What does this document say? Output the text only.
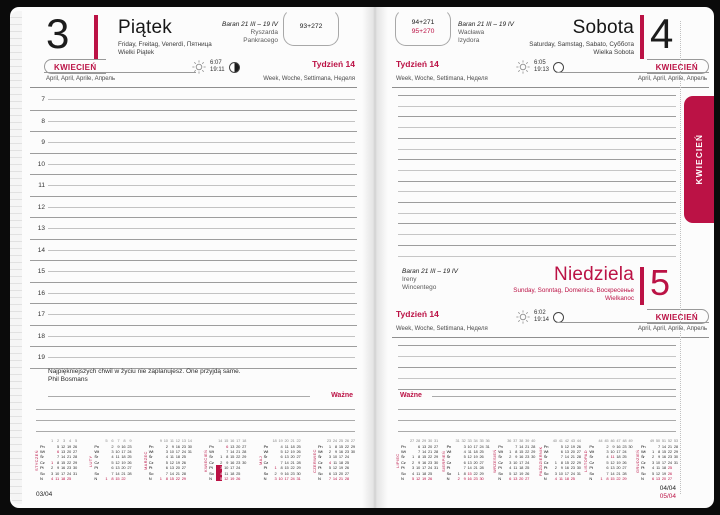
3	Piątek
Friday, Freitag, Venerdì, Пятница
Wielki Piątek
Baran 21 III – 19 IV
Ryszarda
Pankracego
93+272
KWIECIEŃ
April, April, Aprile, Апрель
6:07
19:11
Tydzień 14
Week, Woche, Settimana, Неделя
7
8
9
10
11
12
13
14
15
16
17
18
19
Najpiękniejszych chwil w życiu nie zaplanujesz. One przyjdą same.
Phil Bosmans
Ważne
STYCZEŃ
	1	2	3	4	5
Pn		5	12	19	26
Wt		6	13	20	27
Śr		7	14	21	28
Cz	1	8	15	22	29
Pt	2	9	16	23	30
So	3	10	17	24	31
N	4	11	18	25	
LUTY
	5	6	7	8	9
Pn		2	9	16	23
Wt		3	10	17	24
Śr		4	11	18	25
Cz		5	12	19	26
Pt		6	13	20	27
So		7	14	21	28
N	1	8	15	22	
MARZEC
	9	10	11	12	13	14
Pn		2	9	16	23	30
Wt		3	10	17	24	31
Śr		4	11	18	25	
Cz		5	12	19	26	
Pt		6	13	20	27	
So		7	14	21	28	
N	1	8	15	22	29	
KWIECIEŃ
	14	15	16	17	18
Pn		6	13	20	27
Wt		7	14	21	28
Śr	1	8	15	22	29
Cz	2	9	16	23	30
Pt	3	10	17	24	
So	4	11	18	25	
N	5	12	19	26	
MAJ
	18	19	20	21	22
Pn		4	11	18	25
Wt		5	12	19	26
Śr		6	13	20	27
Cz		7	14	21	28
Pt	1	8	15	22	29
So	2	9	16	23	30
N	3	10	17	24	31
CZERWIEC
	23	24	25	26	27
Pn	1	8	15	22	29
Wt	2	9	16	23	30
Śr	3	10	17	24	
Cz	4	11	18	25	
Pt	5	12	19	26	
So	6	13	20	27	
N	7	14	21	28	
03/04
94+271
95+270
Baran 21 III – 19 IV
Wacława
Izydora
Sobota
Saturday, Samstag, Sabato, Суббота
Wielka Sobota 4
Tydzień 14
Week, Woche, Settimana, Неделя
6:05
19:13	KWIECIEŃ
April, April, Aprile, Апрель
Baran 21 III – 19 IV
Ireny
Wincentego
Niedziela
Sunday, Sonntag, Domenica, Воскресенье
Wielkanoc 5
Tydzień 14
Week, Woche, Settimana, Неделя
6:02
19:14	KWIECIEŃ
April, April, Aprile, Апрель
Ważne
LIPIEC
	27	28	29	30	31
Pn		6	13	20	27
Wt		7	14	21	28
Śr	1	8	15	22	29
Cz	2	9	16	23	30
Pt	3	10	17	24	31
So	4	11	18	25	
N	5	12	19	26	
SIERPIEŃ
	31	32	33	34	35	36
Pn		3	10	17	24	31
Wt		4	11	18	25	
Śr		5	12	19	26	
Cz		6	13	20	27	
Pt		7	14	21	28	
So	1	8	15	22	29	
N	2	9	16	23	30	
WRZESIEŃ
	36	37	38	39	40
Pn		7	14	21	28
Wt	1	8	15	22	29
Śr	2	9	16	23	30
Cz	3	10	17	24	
Pt	4	11	18	25	
So	5	12	19	26	
N	6	13	20	27	
PAŹDZIERNIK
	40	41	42	43	44
Pn		5	12	19	26
Wt		6	13	20	27
Śr		7	14	21	28
Cz	1	8	15	22	29
Pt	2	9	16	23	30
So	3	10	17	24	31
N	4	11	18	25	
LISTOPAD
	44	45	46	47	48	49
Pn		2	9	16	23	30
Wt		3	10	17	24	
Śr		4	11	18	25	
Cz		5	12	19	26	
Pt		6	13	20	27	
So		7	14	21	28	
N	1	8	15	22	29	
GRUDZIEŃ
	49	50	51	52	53
Pn		7	14	21	28
Wt	1	8	15	22	29
Śr	2	9	16	23	30
Cz	3	10	17	24	31
Pt	4	11	18	25	
So	5	12	19	26	
N	6	13	20	27	
04/04
05/04
KWIECIEŃ
